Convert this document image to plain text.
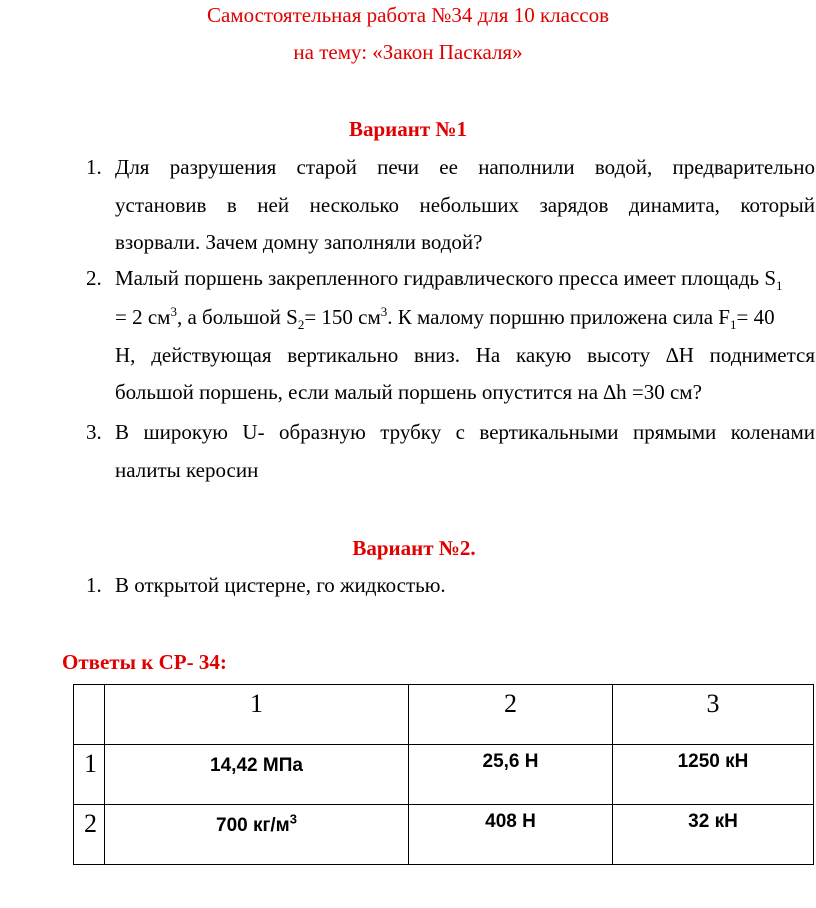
Самостоятельная работа №34 для 10 классов
на тему: «Закон Паскаля»
Вариант №1
1. Для разрушения старой печи ее наполнили водой, предварительно
установив в ней несколько небольших зарядов динамита, который
взорвали. Зачем домну заполняли водой?
2. Малый поршень закрепленного гидравлического пресса имеет площадь $S_1$
= 2 $см^3$, а большой $S_2= 150$ $см^3$. К малому поршню приложена сила $F_1= 40$
Н, действующая вертикально вниз. На какую высоту ∆Н поднимется
большой поршень, если малый поршень опустится на ∆h =30 см?
3. В широкую U- образную трубку с вертикальными прямыми коленами
налиты керосин
Вариант №2.
1. В открытой цистерне, го жидкостью.
Ответы к СР- 34:
	1	2	3
1	14,42 МПа	25,6 Н	1250 кН
2	700 $кг/м^3$	408 Н	32 кН
